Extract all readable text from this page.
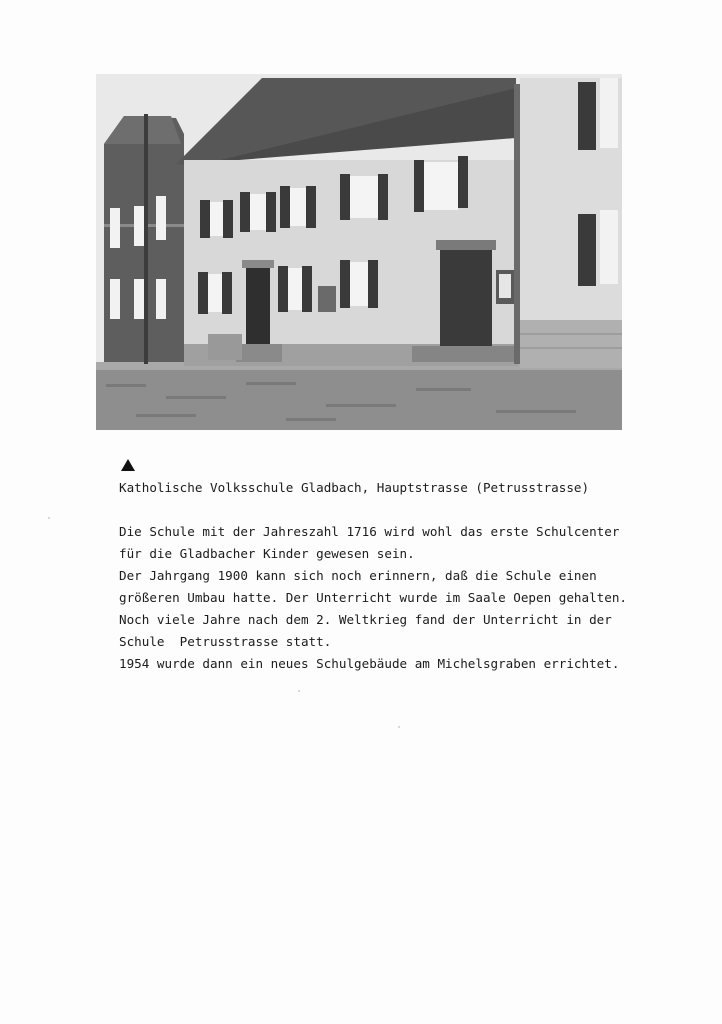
Katholische Volksschule Gladbach, Hauptstrasse (Petrusstrasse)
Die Schule mit der Jahreszahl 1716 wird wohl das erste Schulcenter
für die Gladbacher Kinder gewesen sein.
Der Jahrgang 1900 kann sich noch erinnern, daß die Schule einen
größeren Umbau hatte. Der Unterricht wurde im Saale Oepen gehalten.
Noch viele Jahre nach dem 2. Weltkrieg fand der Unterricht in der
Schule  Petrusstrasse statt.
1954 wurde dann ein neues Schulgebäude am Michelsgraben errichtet.
